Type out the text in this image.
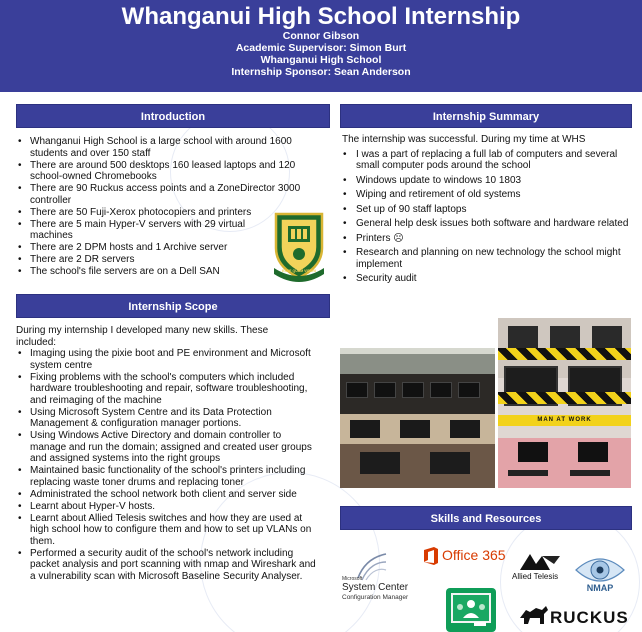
Whanganui High School Internship
Connor Gibson
Academic Supervisor: Simon Burt
Whanganui High School
Internship Sponsor: Sean Anderson
Introduction
• Whanganui High School is a large school with around 1600 students and over 150 staff
• There are around 500 desktops 160 leased laptops and 120 school-owned Chromebooks
• There are 90 Ruckus access points and a ZoneDirector 3000 controller
• There are 50 Fuji-Xerox photocopiers and printers
• There are 5 main Hyper-V servers with 29 virtual machines
• There are 2 DPM hosts and 1 Archive server
• There are 2 DR servers
• The school's file servers are on a Dell SAN	ESSE QUAM VIDERI
Internship Scope
During my internship I developed many new skills. These included:
• Imaging using the pixie boot and PE environment and Microsoft system centre
• Fixing problems with the school's computers which included hardware troubleshooting and repair, software troubleshooting, and reimaging of the machine
• Using Microsoft System Centre and its Data Protection Management & configuration manager portions.
• Using Windows Active Directory and domain controller to manage and run the domain; assigned and created user groups and assigned systems into the right groups
• Maintained basic functionality of the school's printers including replacing waste toner drums and replacing toner
• Administrated the school network both client and server side
• Learnt about Hyper-V hosts.
• Learnt about Allied Telesis switches and how they are used at high school how to configure them and how to set up VLANs on them.
• Performed a security audit of the school's network including packet analysis and port scanning with nmap and Wireshark and a vulnerability scan with Microsoft Baseline Security Analyser.
Internship Summary
The internship was successful. During my time at WHS
• I was a part of replacing a full lab of computers and several small computer pods around the school
• Windows update to windows 10 1803
• Wiping and retirement of old systems
• Set up of 90 staff laptops
• General help desk issues both software and hardware related
• Printers ☹
• Research and planning on new technology the school might implement
• Security audit
MAN AT WORK
Skills and Resources
Microsoft
System Center
Configuration Manager
Office 365
Allied Telesis
NMAP
RUCKUS
